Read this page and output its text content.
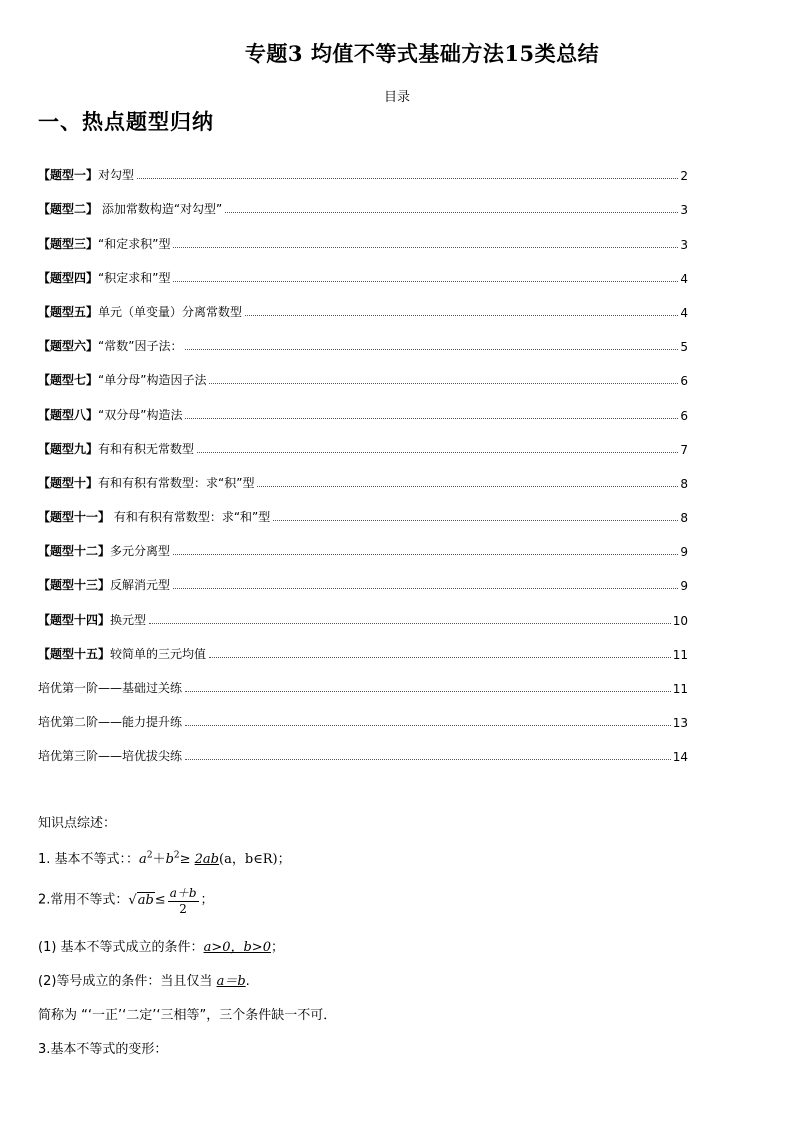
专题3 均值不等式基础方法15类总结
目录
一、热点题型归纳
【题型一】对勾型	2
【题型二】 添加常数构造“对勾型”	3
【题型三】“和定求积”型	3
【题型四】“积定求和”型	4
【题型五】单元（单变量）分离常数型	4
【题型六】“常数”因子法：	5
【题型七】“单分母”构造因子法	6
【题型八】“双分母”构造法	6
【题型九】有和有积无常数型	7
【题型十】有和有积有常数型：求“积”型	8
【题型十一】 有和有积有常数型：求“和”型	8
【题型十二】多元分离型	9
【题型十三】反解消元型	9
【题型十四】换元型	10
【题型十五】较简单的三元均值	11
培优第一阶——基础过关练	11
培优第二阶——能力提升练	13
培优第三阶——培优拔尖练	14
知识点综述：
1. 基本不等式：：$a^2+b^2\ge 2ab(a$，b∈R)；
2.常用不等式：$√ab\le \frac{a+b}{2}$ ；
(1) 基本不等式成立的条件：a>0，b>0；
(2)等号成立的条件：当且仅当 a＝b.
简称为 “‘一正’‘二定’‘三相等”，三个条件缺一不可．
3.基本不等式的变形：
